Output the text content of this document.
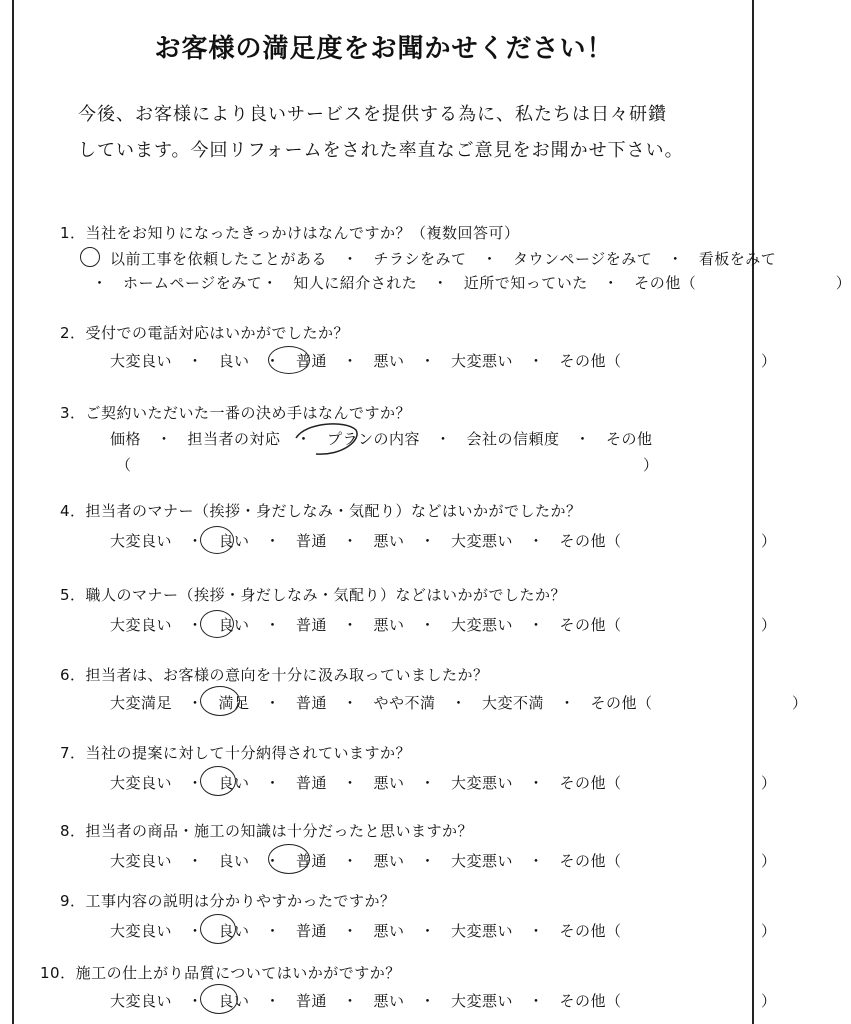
お客様の満足度をお聞かせください！
今後、お客様により良いサービスを提供する為に、私たちは日々研鑽
しています。今回リフォームをされた率直なご意見をお聞かせ下さい。
1．当社をお知りになったきっかけはなんですか？（複数回答可）
以前工事を依頼したことがある　・　チラシをみて　・　タウンページをみて　・　看板をみて
・　ホームページをみて・　知人に紹介された　・　近所で知っていた　・　その他（　　　　　　　　　）
2．受付での電話対応はいかがでしたか？
大変良い　・　良い　・　普通　・　悪い　・　大変悪い　・　その他（　　　　　　　　　）
3．ご契約いただいた一番の決め手はなんですか？
価格　・　担当者の対応　・　プランの内容　・　会社の信頼度　・　その他
（　　　　　　　　　　　　　　　　　　　　　　　　　　　　　　　　　）
4．担当者のマナー（挨拶・身だしなみ・気配り）などはいかがでしたか？
大変良い　・　良い　・　普通　・　悪い　・　大変悪い　・　その他（　　　　　　　　　）
5．職人のマナー（挨拶・身だしなみ・気配り）などはいかがでしたか？
大変良い　・　良い　・　普通　・　悪い　・　大変悪い　・　その他（　　　　　　　　　）
6．担当者は、お客様の意向を十分に汲み取っていましたか？
大変満足　・　満足　・　普通　・　やや不満　・　大変不満　・　その他（　　　　　　　　　）
7．当社の提案に対して十分納得されていますか？
大変良い　・　良い　・　普通　・　悪い　・　大変悪い　・　その他（　　　　　　　　　）
8．担当者の商品・施工の知識は十分だったと思いますか？
大変良い　・　良い　・　普通　・　悪い　・　大変悪い　・　その他（　　　　　　　　　）
9．工事内容の説明は分かりやすかったですか？
大変良い　・　良い　・　普通　・　悪い　・　大変悪い　・　その他（　　　　　　　　　）
10．施工の仕上がり品質についてはいかがですか？
大変良い　・　良い　・　普通　・　悪い　・　大変悪い　・　その他（　　　　　　　　　）
